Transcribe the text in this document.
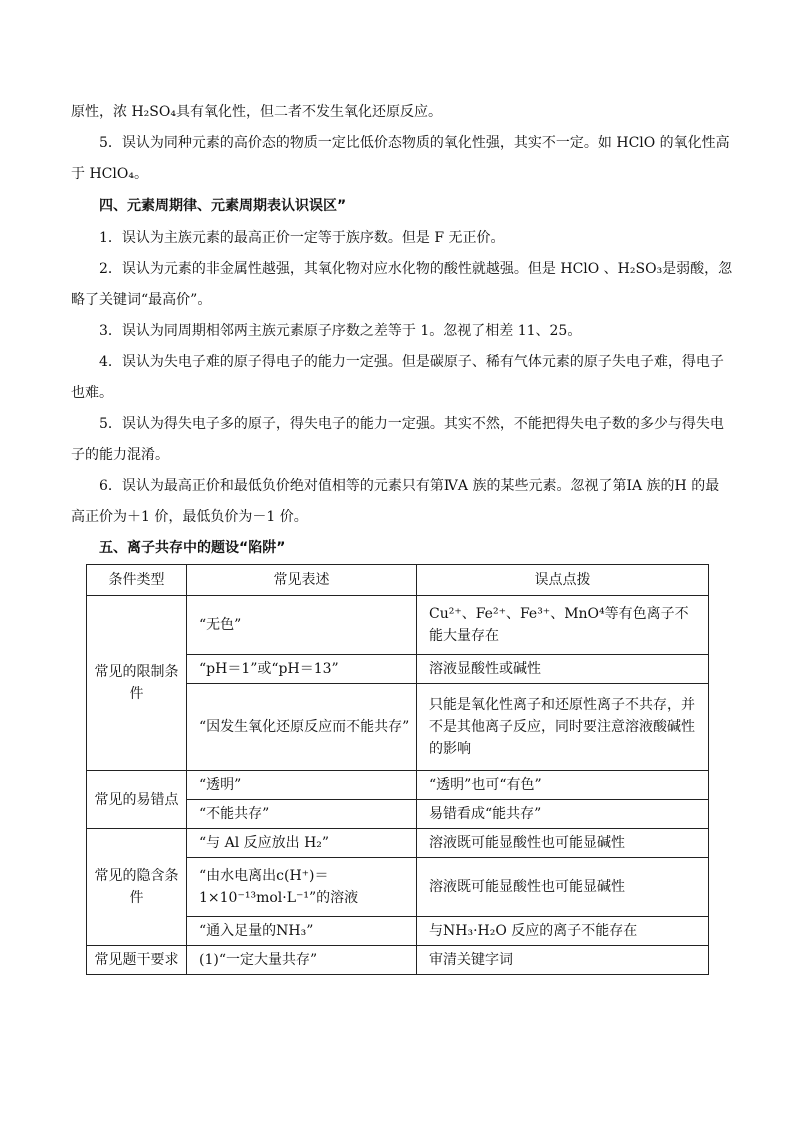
原性，浓 H₂SO₄具有氧化性，但二者不发生氧化还原反应。
5．误认为同种元素的高价态的物质一定比低价态物质的氧化性强，其实不一定。如 HClO 的氧化性高
于 HClO₄。
四、元素周期律、元素周期表认识误区”
1．误认为主族元素的最高正价一定等于族序数。但是 F 无正价。
2．误认为元素的非金属性越强，其氧化物对应水化物的酸性就越强。但是 HClO 、H₂SO₃是弱酸，忽
略了关键词“最高价”。
3．误认为同周期相邻两主族元素原子序数之差等于 1。忽视了相差 11、25。
4．误认为失电子难的原子得电子的能力一定强。但是碳原子、稀有气体元素的原子失电子难，得电子
也难。
5．误认为得失电子多的原子，得失电子的能力一定强。其实不然，不能把得失电子数的多少与得失电
子的能力混淆。
6．误认为最高正价和最低负价绝对值相等的元素只有第ⅣA 族的某些元素。忽视了第ⅠA 族的H 的最
高正价为＋1 价，最低负价为－1 价。
五、离子共存中的题设“陷阱”
条件类型	常见表述	误点点拨
常见的限制条件	“无色”	Cu²⁺、Fe²⁺、Fe³⁺、MnO⁴等有色离子不能大量存在
	“pH＝1”或“pH＝13”	溶液显酸性或碱性
	“因发生氧化还原反应而不能共存”	只能是氧化性离子和还原性离子不共存，并不是其他离子反应，同时要注意溶液酸碱性的影响
常见的易错点	“透明”	“透明”也可“有色”
	“不能共存”	易错看成“能共存”
常见的隐含条件	“与 Al 反应放出 H₂”	溶液既可能显酸性也可能显碱性
	“由水电离出c(H⁺)＝1×10⁻¹³mol·L⁻¹”的溶液	溶液既可能显酸性也可能显碱性
	“通入足量的NH₃”	与NH₃·H₂O 反应的离子不能存在
常见题干要求	(1)“一定大量共存”	审清关键字词
